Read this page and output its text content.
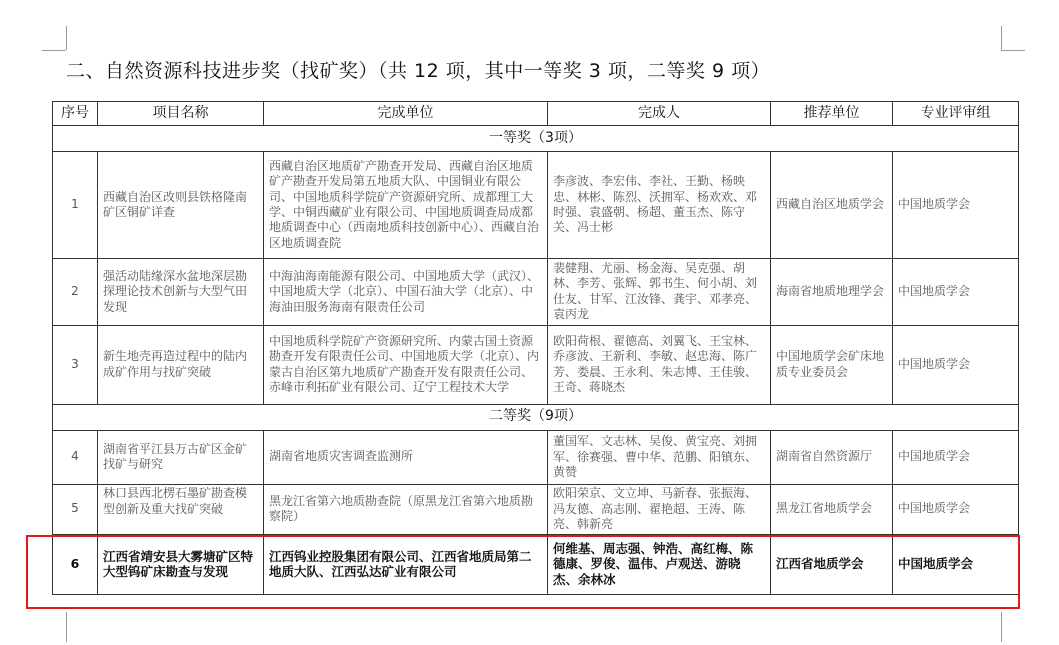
二、自然资源科技进步奖（找矿奖）（共 12 项，其中一等奖 3 项，二等奖 9 项）
序号	项目名称	完成单位	完成人	推荐单位	专业评审组
一等奖（3项）					
1	西藏自治区改则县铁格隆南矿区铜矿详查	西藏自治区地质矿产勘查开发局、西藏自治区地质矿产勘查开发局第五地质大队、中国铜业有限公司、中国地质科学院矿产资源研究所、成都理工大学、中铜西藏矿业有限公司、中国地质调查局成都地质调查中心（西南地质科技创新中心）、西藏自治区地质调查院	李彦波、李宏伟、李社、王勤、杨映忠、林彬、陈烈、沃拥军、杨欢欢、邓时强、袁盛朝、杨超、董玉杰、陈守关、冯士彬	西藏自治区地质学会	中国地质学会
2	强活动陆缘深水盆地深层勘探理论技术创新与大型气田发现	中海油海南能源有限公司、中国地质大学（武汉）、中国地质大学（北京）、中国石油大学（北京）、中海油田服务海南有限责任公司	裴健翔、尤丽、杨金海、吴克强、胡林、李芳、张辉、郭书生、何小胡、刘仕友、甘军、江汝锋、龚宇、邓孝亮、袁丙龙	海南省地质地理学会	中国地质学会
3	新生地壳再造过程中的陆内成矿作用与找矿突破	中国地质科学院矿产资源研究所、内蒙古国土资源勘查开发有限责任公司、中国地质大学（北京）、内蒙古自治区第九地质矿产勘查开发有限责任公司、赤峰市利拓矿业有限公司、辽宁工程技术大学	欧阳荷根、翟德高、刘翼飞、王宝林、乔彦波、王新利、李敏、赵忠海、陈广芳、娄晨、王永利、朱志博、王佳骏、王奇、蒋晓杰	中国地质学会矿床地质专业委员会	中国地质学会
二等奖（9项）					
4	湖南省平江县万古矿区金矿找矿与研究	湖南省地质灾害调查监测所	董国军、文志林、吴俊、黄宝亮、刘拥军、徐赛强、曹中华、范鹏、阳镇东、黄赞	湖南省自然资源厅	中国地质学会
5	林口县西北楞石墨矿勘查模型创新及重大找矿突破	黑龙江省第六地质勘查院（原黑龙江省第六地质勘察院）	欧阳荣京、文立坤、马新春、张振海、冯友德、高志刚、翟艳超、王涛、陈亮、韩新亮	黑龙江省地质学会	中国地质学会
6	江西省靖安县大雾塘矿区特大型钨矿床勘查与发现	江西钨业控股集团有限公司、江西省地质局第二地质大队、江西弘达矿业有限公司	何维基、周志强、钟浩、高红梅、陈德康、罗俊、温伟、卢观送、游晓杰、余林冰	江西省地质学会	中国地质学会
